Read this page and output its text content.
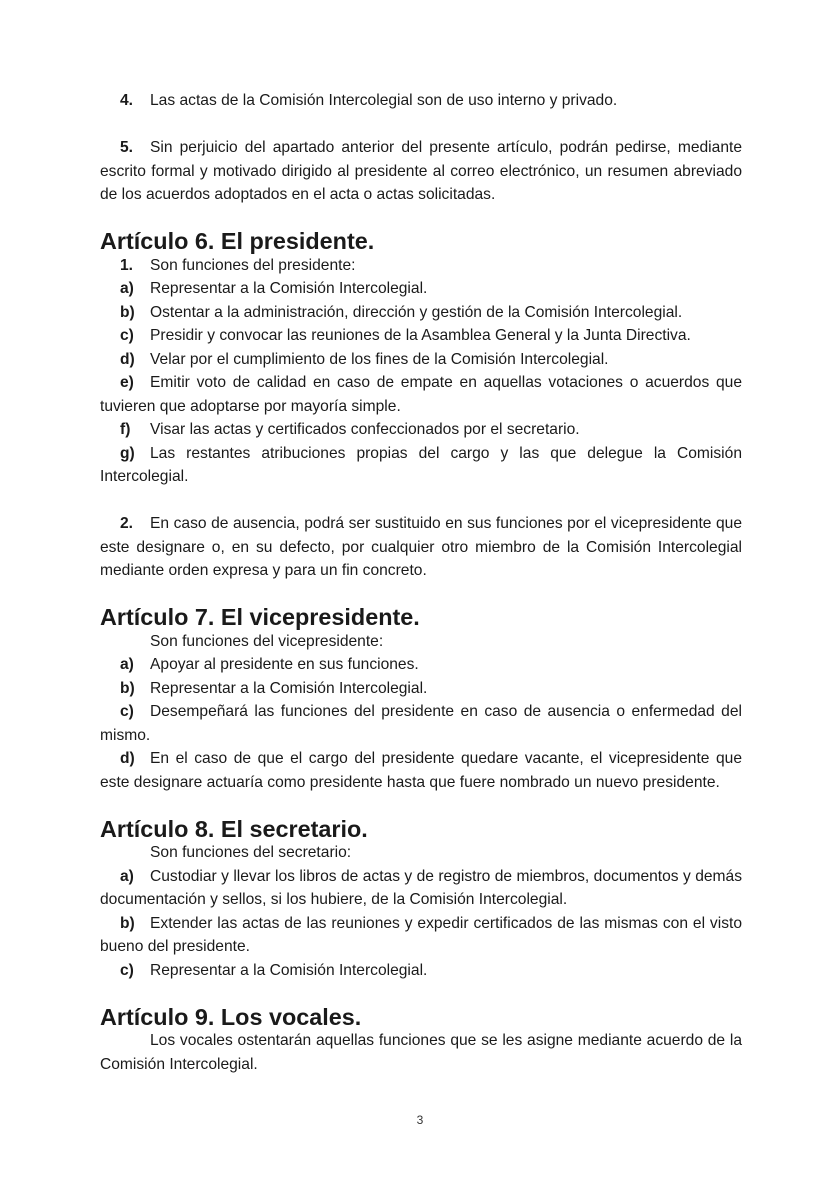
4. Las actas de la Comisión Intercolegial son de uso interno y privado.

5. Sin perjuicio del apartado anterior del presente artículo, podrán pedirse, mediante escrito formal y motivado dirigido al presidente al correo electrónico, un resumen abreviado de los acuerdos adoptados en el acta o actas solicitadas.

Artículo 6. El presidente.

1. Son funciones del presidente:

a) Representar a la Comisión Intercolegial.

b) Ostentar a la administración, dirección y gestión de la Comisión Intercolegial.

c) Presidir y convocar las reuniones de la Asamblea General y la Junta Directiva.

d) Velar por el cumplimiento de los fines de la Comisión Intercolegial.

e) Emitir voto de calidad en caso de empate en aquellas votaciones o acuerdos que tuvieren que adoptarse por mayoría simple.

f) Visar las actas y certificados confeccionados por el secretario.

g) Las restantes atribuciones propias del cargo y las que delegue la Comisión Intercolegial.

2. En caso de ausencia, podrá ser sustituido en sus funciones por el vicepresidente que este designare o, en su defecto, por cualquier otro miembro de la Comisión Intercolegial mediante orden expresa y para un fin concreto.

Artículo 7. El vicepresidente.

Son funciones del vicepresidente:

a) Apoyar al presidente en sus funciones.

b) Representar a la Comisión Intercolegial.

c) Desempeñará las funciones del presidente en caso de ausencia o enfermedad del mismo.

d) En el caso de que el cargo del presidente quedare vacante, el vicepresidente que este designare actuaría como presidente hasta que fuere nombrado un nuevo presidente.

Artículo 8. El secretario.

Son funciones del secretario:

a) Custodiar y llevar los libros de actas y de registro de miembros, documentos y demás documentación y sellos, si los hubiere, de la Comisión Intercolegial.

b) Extender las actas de las reuniones y expedir certificados de las mismas con el visto bueno del presidente.

c) Representar a la Comisión Intercolegial.

Artículo 9. Los vocales.

Los vocales ostentarán aquellas funciones que se les asigne mediante acuerdo de la Comisión Intercolegial.

3
